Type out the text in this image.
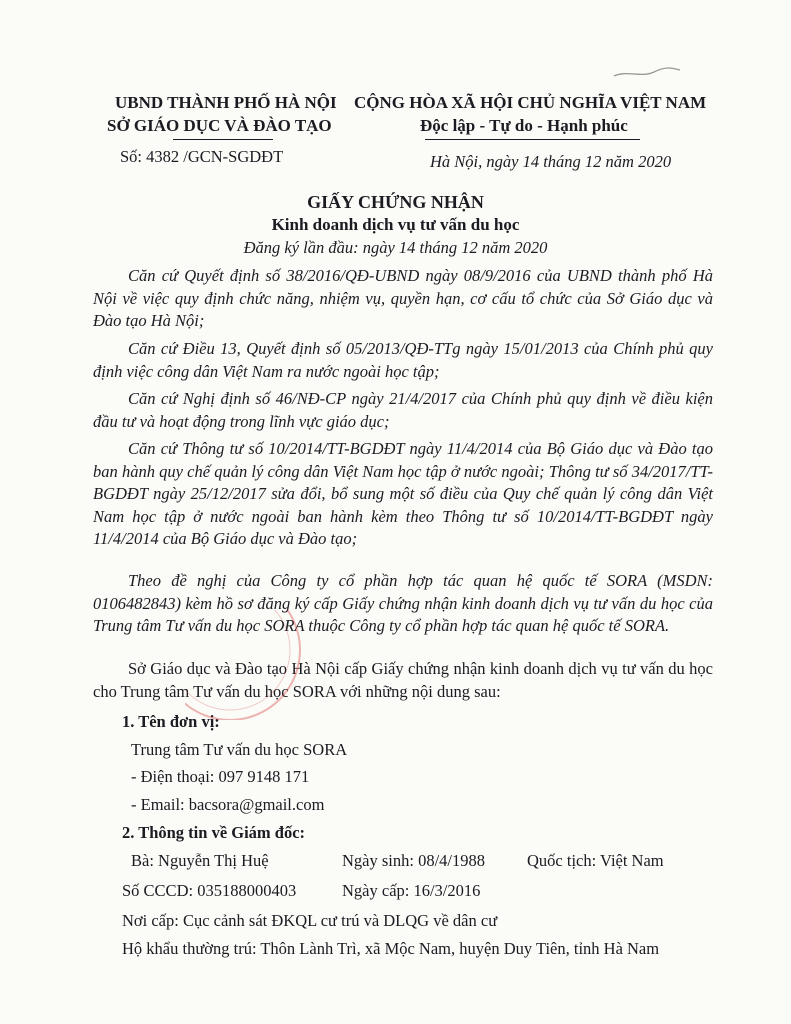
UBND THÀNH PHỐ HÀ NỘI
SỞ GIÁO DỤC VÀ ĐÀO TẠO
Số: 4382 /GCN-SGDĐT
CỘNG HÒA XÃ HỘI CHỦ NGHĨA VIỆT NAM
Độc lập - Tự do - Hạnh phúc
Hà Nội, ngày 14 tháng 12 năm 2020
GIẤY CHỨNG NHẬN
Kinh doanh dịch vụ tư vấn du học
Đăng ký lần đầu: ngày 14 tháng 12 năm 2020
Căn cứ Quyết định số 38/2016/QĐ-UBND ngày 08/9/2016 của UBND thành phố Hà Nội về việc quy định chức năng, nhiệm vụ, quyền hạn, cơ cấu tổ chức của Sở Giáo dục và Đào tạo Hà Nội;
Căn cứ Điều 13, Quyết định số 05/2013/QĐ-TTg ngày 15/01/2013 của Chính phủ quy định việc công dân Việt Nam ra nước ngoài học tập;
Căn cứ Nghị định số 46/NĐ-CP ngày 21/4/2017 của Chính phủ quy định về điều kiện đầu tư và hoạt động trong lĩnh vực giáo dục;
Căn cứ Thông tư số 10/2014/TT-BGDĐT ngày 11/4/2014 của Bộ Giáo dục và Đào tạo ban hành quy chế quản lý công dân Việt Nam học tập ở nước ngoài; Thông tư số 34/2017/TT-BGDĐT ngày 25/12/2017 sửa đổi, bổ sung một số điều của Quy chế quản lý công dân Việt Nam học tập ở nước ngoài ban hành kèm theo Thông tư số 10/2014/TT-BGDĐT ngày 11/4/2014 của Bộ Giáo dục và Đào tạo;
Theo đề nghị của Công ty cổ phần hợp tác quan hệ quốc tế SORA (MSDN: 0106482843) kèm hồ sơ đăng ký cấp Giấy chứng nhận kinh doanh dịch vụ tư vấn du học của Trung tâm Tư vấn du học SORA thuộc Công ty cổ phần hợp tác quan hệ quốc tế SORA.
Sở Giáo dục và Đào tạo Hà Nội cấp Giấy chứng nhận kinh doanh dịch vụ tư vấn du học cho Trung tâm Tư vấn du học SORA với những nội dung sau:
1. Tên đơn vị:
Trung tâm Tư vấn du học SORA
- Điện thoại: 097 9148 171
- Email: bacsora@gmail.com
2. Thông tin về Giám đốc:
Bà: Nguyễn Thị Huệ	Ngày sinh: 08/4/1988	Quốc tịch: Việt Nam
Số CCCD: 035188000403	Ngày cấp: 16/3/2016
Nơi cấp: Cục cảnh sát ĐKQL cư trú và DLQG về dân cư
Hộ khẩu thường trú: Thôn Lành Trì, xã Mộc Nam, huyện Duy Tiên, tỉnh Hà Nam
